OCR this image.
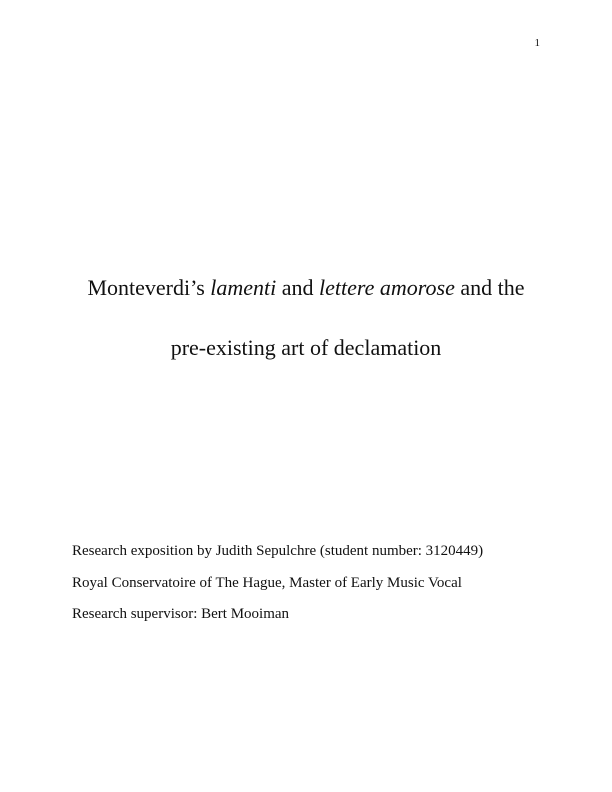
1
Monteverdi’s lamenti and lettere amorose and the
pre-existing art of declamation
Research exposition by Judith Sepulchre (student number: 3120449)
Royal Conservatoire of The Hague, Master of Early Music Vocal
Research supervisor: Bert Mooiman
